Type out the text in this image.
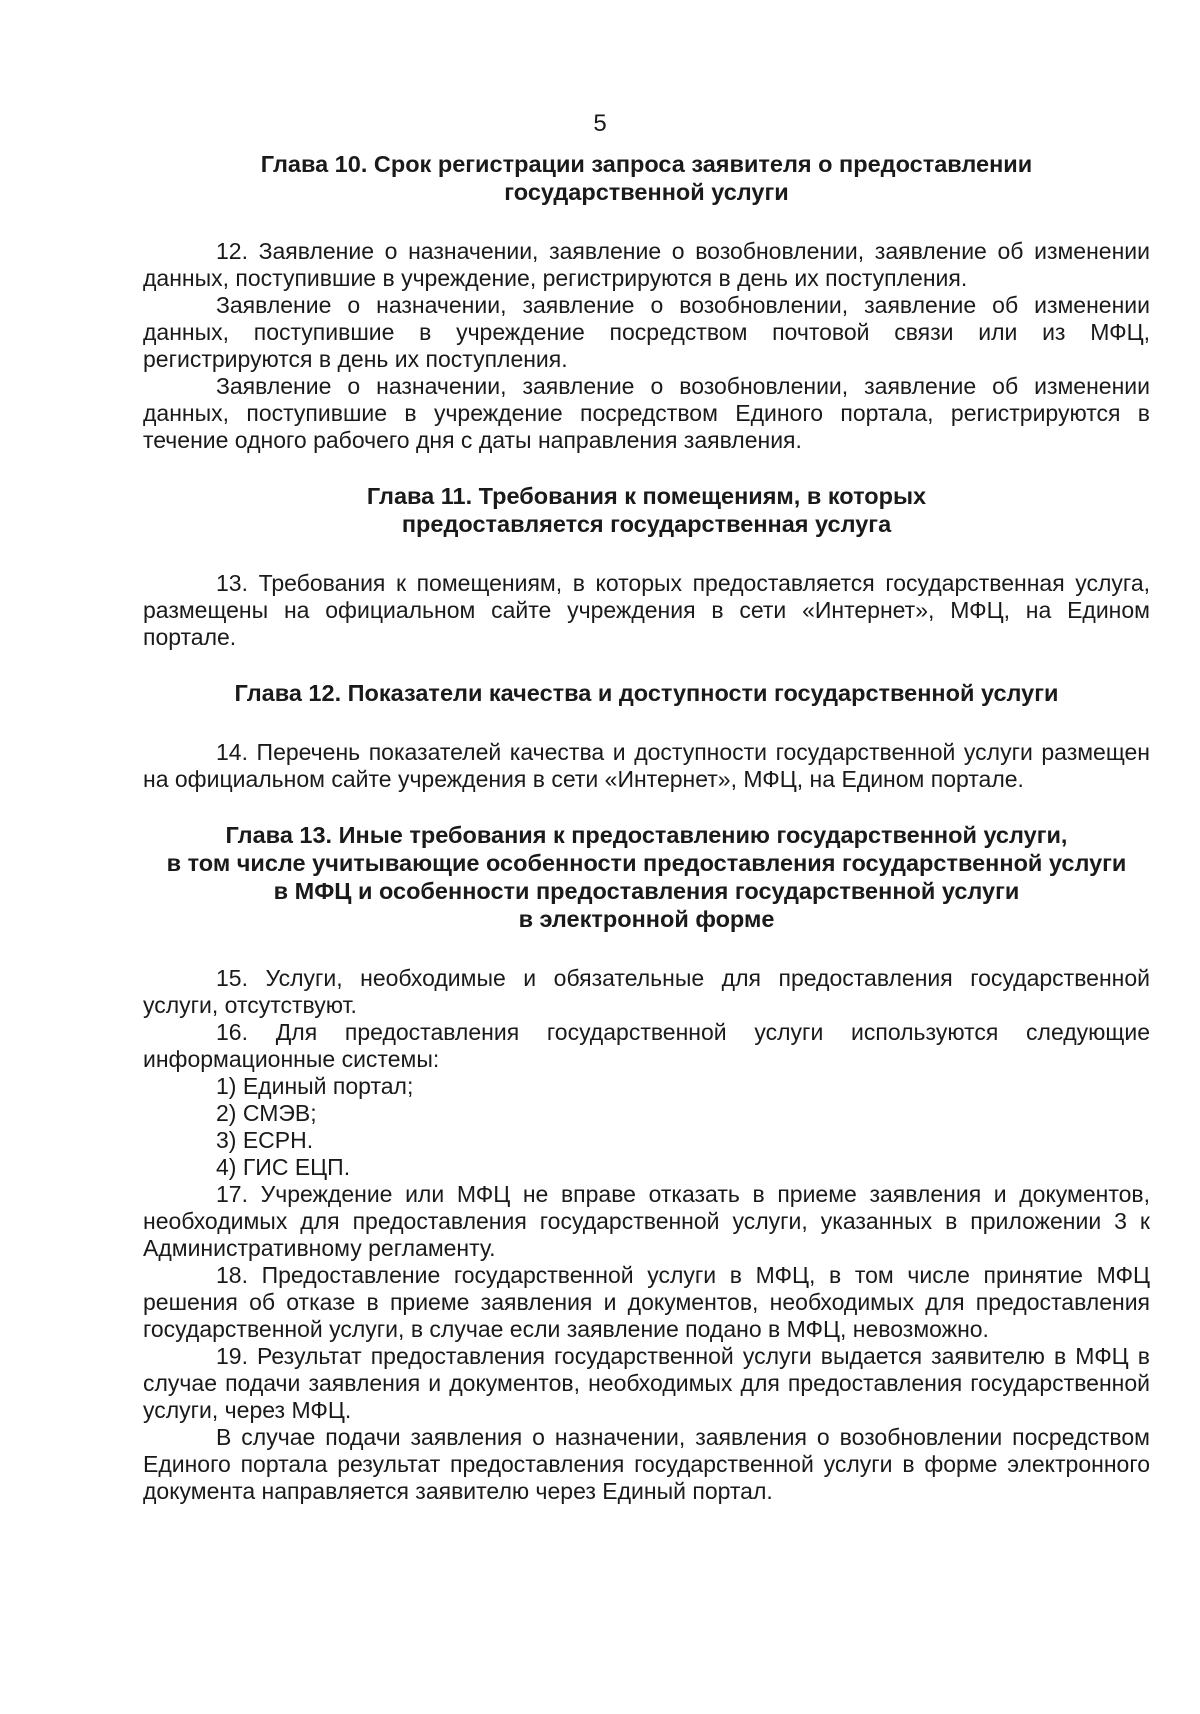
5
Глава 10. Срок регистрации запроса заявителя о предоставлении
государственной услуги

12. Заявление о назначении, заявление о возобновлении, заявление об изменении данных, поступившие в учреждение, регистрируются в день их поступления.

Заявление о назначении, заявление о возобновлении, заявление об изменении данных, поступившие в учреждение посредством почтовой связи или из МФЦ, регистрируются в день их поступления.

Заявление о назначении, заявление о возобновлении, заявление об изменении данных, поступившие в учреждение посредством Единого портала, регистрируются в течение одного рабочего дня с даты направления заявления.

Глава 11. Требования к помещениям, в которых
предоставляется государственная услуга

13. Требования к помещениям, в которых предоставляется государственная услуга, размещены на официальном сайте учреждения в сети «Интернет», МФЦ, на Едином портале.

Глава 12. Показатели качества и доступности государственной услуги

14. Перечень показателей качества и доступности государственной услуги размещен на официальном сайте учреждения в сети «Интернет», МФЦ, на Едином портале.

Глава 13. Иные требования к предоставлению государственной услуги,
в том числе учитывающие особенности предоставления государственной услуги
в МФЦ и особенности предоставления государственной услуги
в электронной форме

15. Услуги, необходимые и обязательные для предоставления государственной услуги, отсутствуют.

16. Для предоставления государственной услуги используются следующие информационные системы:

1) Единый портал;

2) СМЭВ;

3) ЕСРН.

4) ГИС ЕЦП.

17. Учреждение или МФЦ не вправе отказать в приеме заявления и документов, необходимых для предоставления государственной услуги, указанных в приложении 3 к Административному регламенту.

18. Предоставление государственной услуги в МФЦ, в том числе принятие МФЦ решения об отказе в приеме заявления и документов, необходимых для предоставления государственной услуги, в случае если заявление подано в МФЦ, невозможно.

19. Результат предоставления государственной услуги выдается заявителю в МФЦ в случае подачи заявления и документов, необходимых для предоставления государственной услуги, через МФЦ.

В случае подачи заявления о назначении, заявления о возобновлении посредством Единого портала результат предоставления государственной услуги в форме электронного документа направляется заявителю через Единый портал.
